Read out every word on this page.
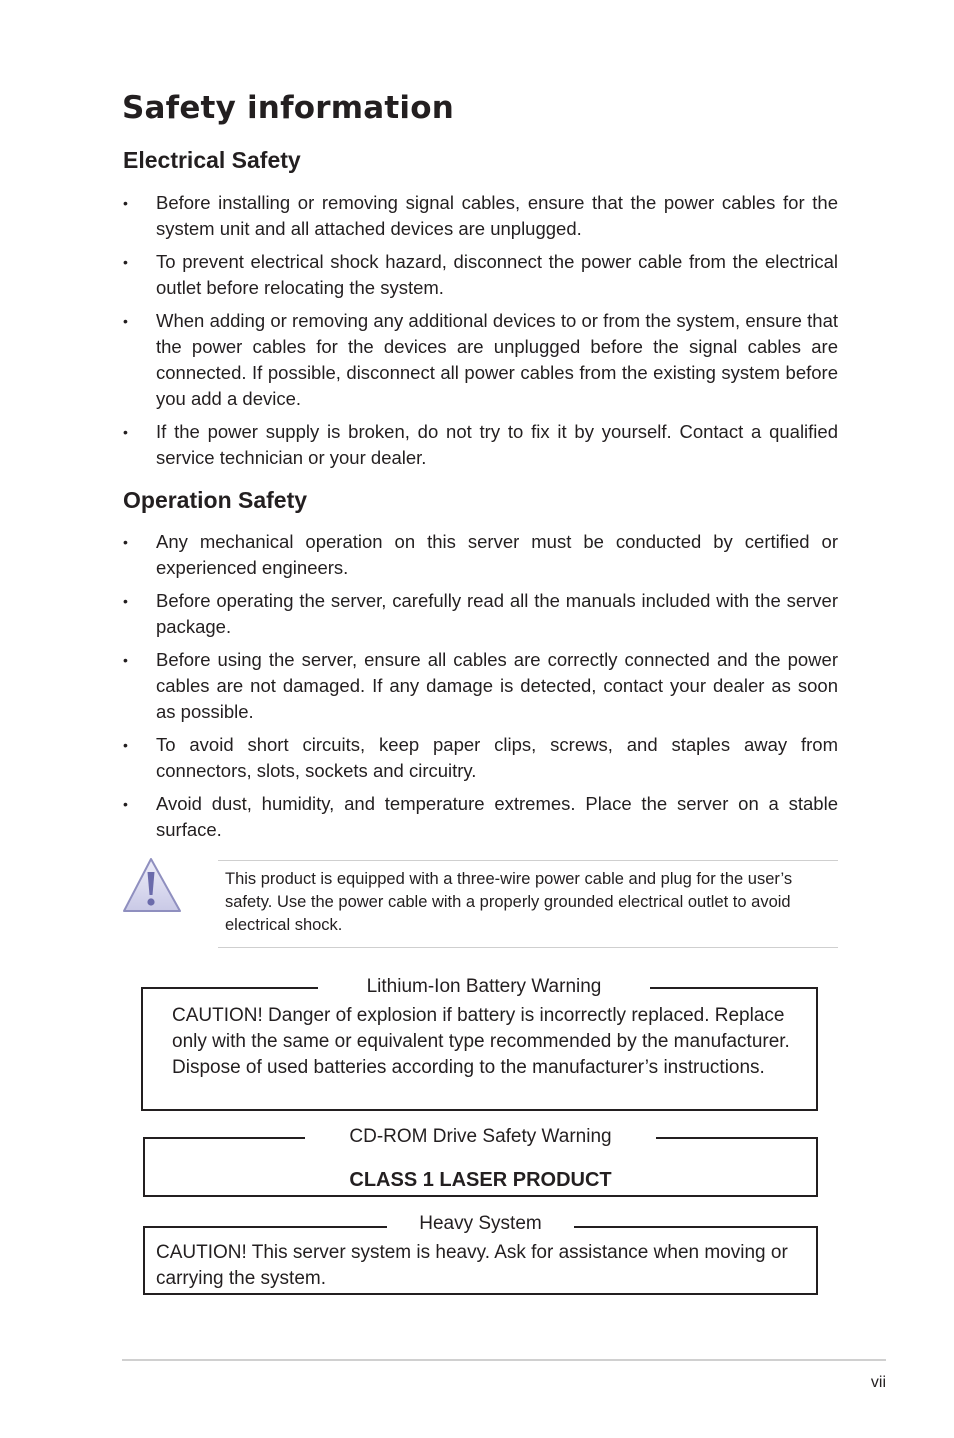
Safety information
Electrical Safety
• Before installing or removing signal cables, ensure that the power cables for the system unit and all attached devices are unplugged.
• To prevent electrical shock hazard, disconnect the power cable from the electrical outlet before relocating the system.
• When adding or removing any additional devices to or from the system, ensure that the power cables for the devices are unplugged before the signal cables are connected. If possible, disconnect all power cables from the existing system before you add a device.
• If the power supply is broken, do not try to fix it by yourself. Contact a qualified service technician or your dealer.
Operation Safety
• Any mechanical operation on this server must be conducted by certified or experienced engineers.
• Before operating the server, carefully read all the manuals included with the server package.
• Before using the server, ensure all cables are correctly connected and the power cables are not damaged. If any damage is detected, contact your dealer as soon as possible.
• To avoid short circuits, keep paper clips, screws, and staples away from connectors, slots, sockets and circuitry.
• Avoid dust, humidity, and temperature extremes. Place the server on a stable surface.
This product is equipped with a three-wire power cable and plug for the user’s safety. Use the power cable with a properly grounded electrical outlet to avoid electrical shock.
CAUTION! Danger of explosion if battery is incorrectly replaced. Replace only with the same or equivalent type recommended by the manufacturer. Dispose of used batteries according to the manufacturer’s instructions.
Lithium-Ion Battery Warning
CLASS 1 LASER PRODUCT
CD-ROM Drive Safety Warning
CAUTION! This server system is heavy. Ask for assistance when moving or carrying the system.
Heavy System
vii
